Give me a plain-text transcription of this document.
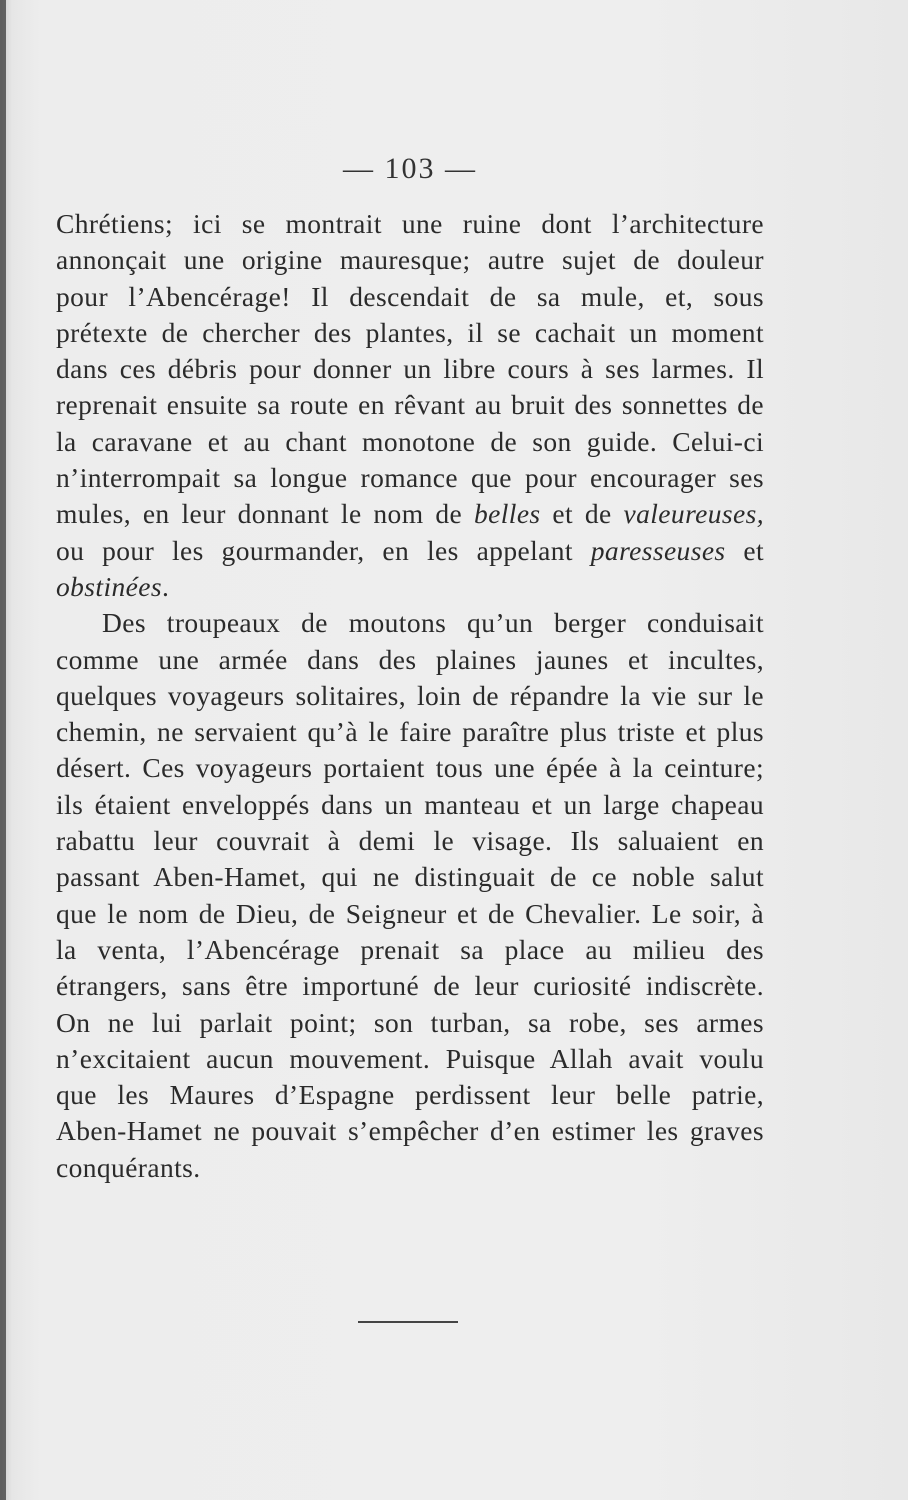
— 103 —

Chrétiens; ici se montrait une ruine dont l’architecture annonçait une origine mauresque; autre sujet de douleur pour l’Abencérage! Il descendait de sa mule, et, sous prétexte de chercher des plantes, il se cachait un moment dans ces débris pour donner un libre cours à ses larmes. Il reprenait ensuite sa route en rêvant au bruit des sonnettes de la caravane et au chant monotone de son guide. Celui-ci n’interrompait sa longue romance que pour encourager ses mules, en leur donnant le nom de belles et de valeureuses, ou pour les gourmander, en les appelant paresseuses et obstinées.

Des troupeaux de moutons qu’un berger conduisait comme une armée dans des plaines jaunes et incultes, quelques voyageurs solitaires, loin de répandre la vie sur le chemin, ne servaient qu’à le faire paraître plus triste et plus désert. Ces voyageurs portaient tous une épée à la ceinture; ils étaient enveloppés dans un manteau et un large chapeau rabattu leur couvrait à demi le visage. Ils saluaient en passant Aben-Hamet, qui ne distinguait de ce noble salut que le nom de Dieu, de Seigneur et de Chevalier. Le soir, à la venta, l’Abencérage prenait sa place au milieu des étrangers, sans être importuné de leur curiosité indiscrète. On ne lui parlait point; son turban, sa robe, ses armes n’excitaient aucun mouvement. Puisque Allah avait voulu que les Maures d’Espagne perdissent leur belle patrie, Aben-Hamet ne pouvait s’empêcher d’en estimer les graves conquérants.
